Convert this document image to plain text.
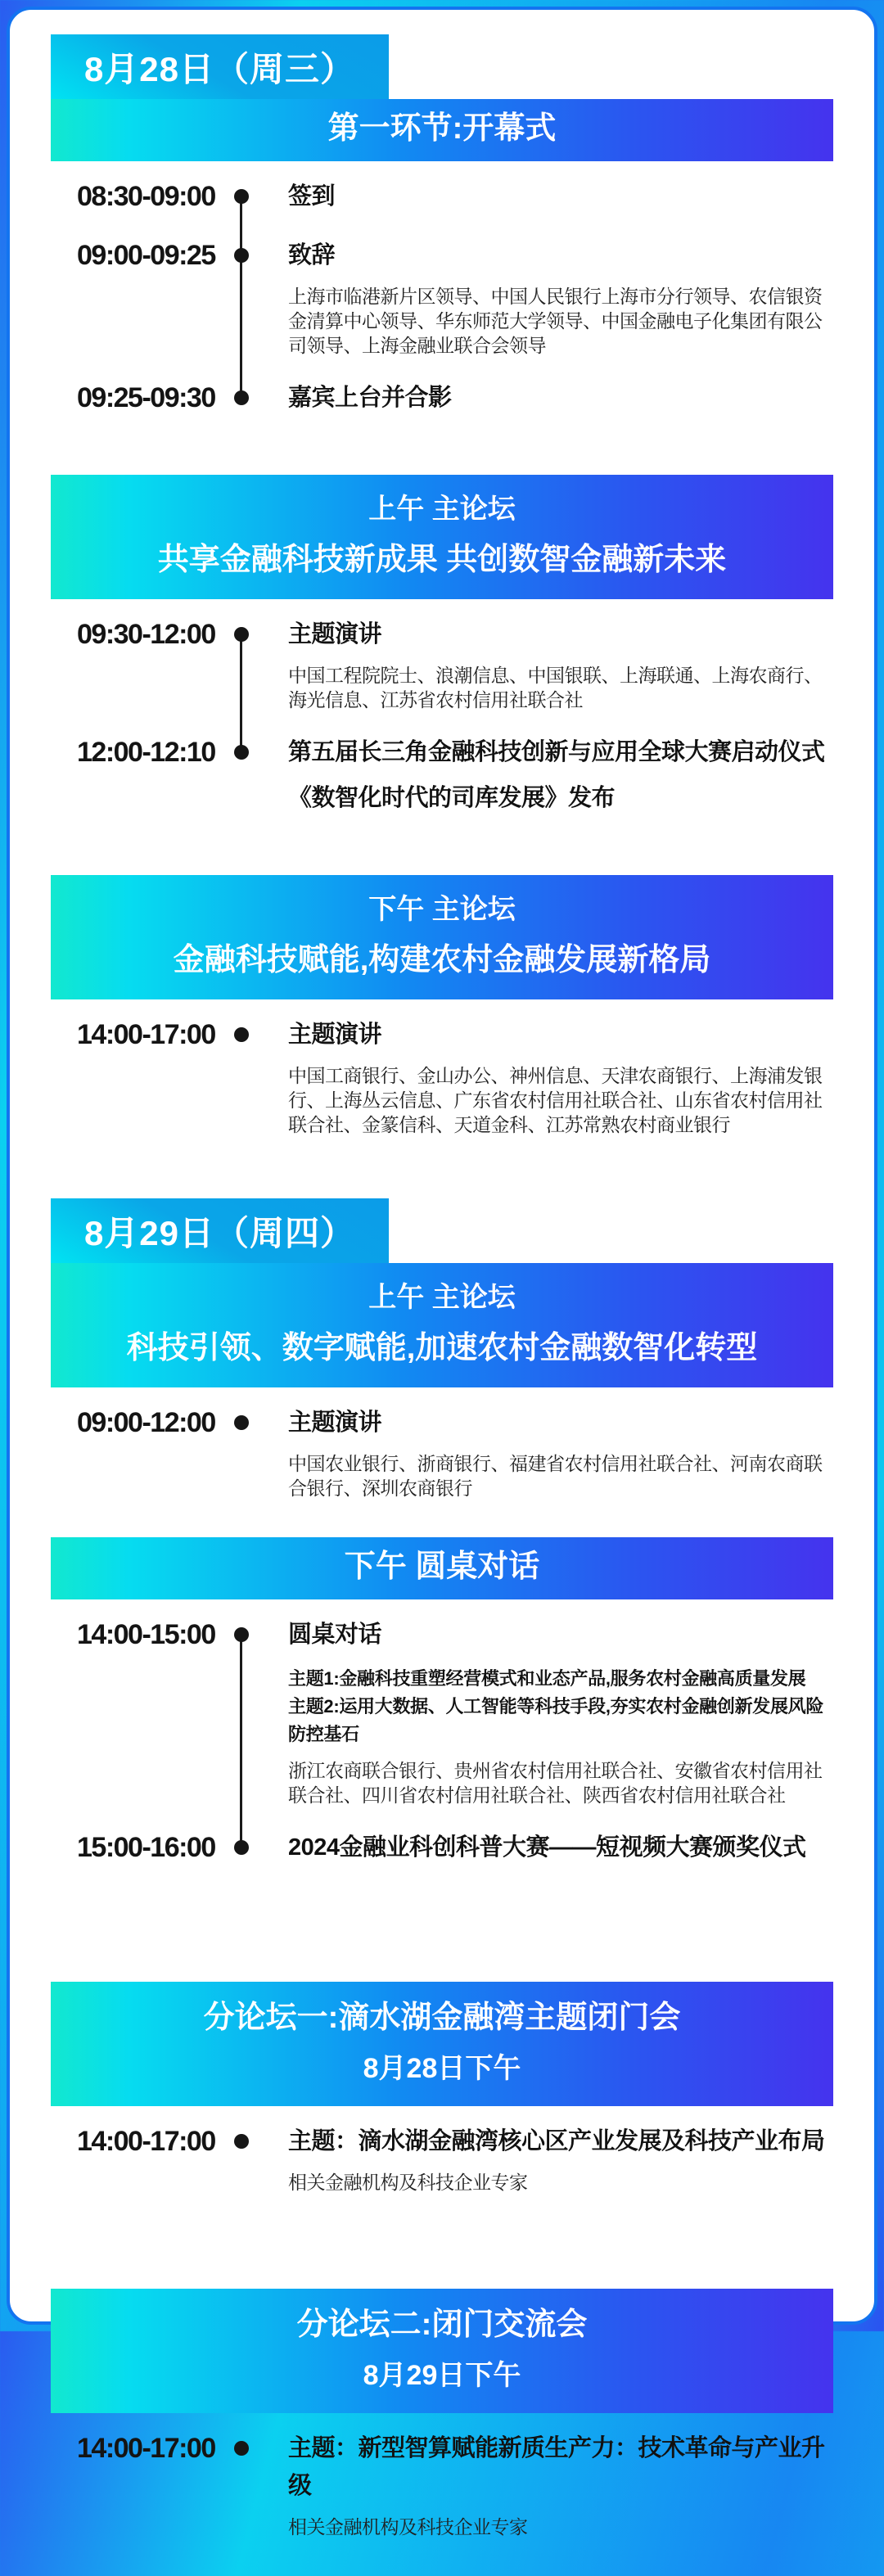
8月28日（周三）
第一环节:开幕式
08:30-09:00	签到
09:00-09:25	致辞
上海市临港新片区领导、中国人民银行上海市分行领导、农信银资金清算中心领导、华东师范大学领导、中国金融电子化集团有限公司领导、上海金融业联合会领导
09:25-09:30	嘉宾上台并合影
上午 主论坛
共享金融科技新成果 共创数智金融新未来
09:30-12:00	主题演讲
中国工程院院士、浪潮信息、中国银联、上海联通、上海农商行、海光信息、江苏省农村信用社联合社
12:00-12:10	第五届长三角金融科技创新与应用全球大赛启动仪式
《数智化时代的司库发展》发布
下午 主论坛
金融科技赋能,构建农村金融发展新格局
14:00-17:00	主题演讲
中国工商银行、金山办公、神州信息、天津农商银行、上海浦发银行、上海丛云信息、广东省农村信用社联合社、山东省农村信用社联合社、金篆信科、天道金科、江苏常熟农村商业银行
8月29日（周四）
上午 主论坛
科技引领、数字赋能,加速农村金融数智化转型
09:00-12:00	主题演讲
中国农业银行、浙商银行、福建省农村信用社联合社、河南农商联合银行、深圳农商银行
下午 圆桌对话
14:00-15:00	圆桌对话
主题1:金融科技重塑经营模式和业态产品,服务农村金融高质量发展
主题2:运用大数据、人工智能等科技手段,夯实农村金融创新发展风险防控基石
浙江农商联合银行、贵州省农村信用社联合社、安徽省农村信用社联合社、四川省农村信用社联合社、陕西省农村信用社联合社
15:00-16:00	2024金融业科创科普大赛——短视频大赛颁奖仪式
分论坛一:滴水湖金融湾主题闭门会
8月28日下午
14:00-17:00	主题：滴水湖金融湾核心区产业发展及科技产业布局
相关金融机构及科技企业专家
分论坛二:闭门交流会
8月29日下午
14:00-17:00	主题：新型智算赋能新质生产力：技术革命与产业升级
相关金融机构及科技企业专家
